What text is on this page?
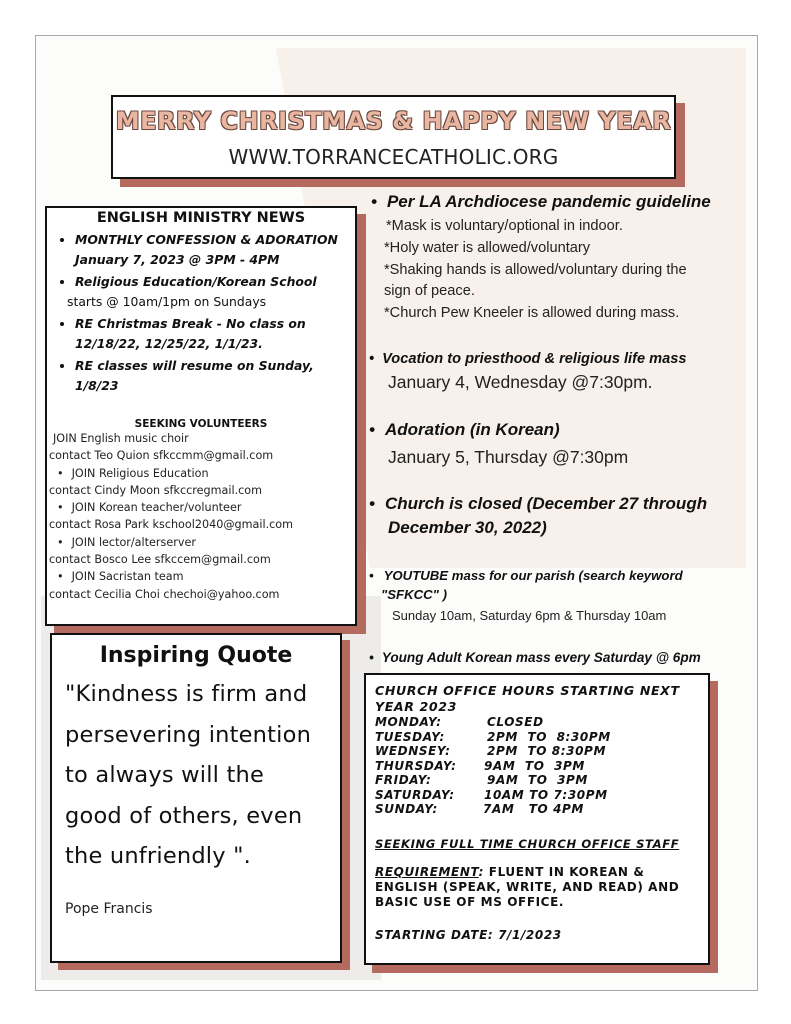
MERRY CHRISTMAS & HAPPY NEW YEAR
WWW.TORRANCECATHOLIC.ORG
ENGLISH MINISTRY NEWS
• MONTHLY CONFESSION & ADORATION
January 7, 2023 @ 3PM - 4PM
• Religious Education/Korean School
starts @ 10am/1pm on Sundays
• RE Christmas Break - No class on
12/18/22, 12/25/22, 1/1/23.
• RE classes will resume on Sunday,
1/8/23
SEEKING VOLUNTEERS
JOIN English music choir
contact Teo Quion sfkccmm@gmail.com
• JOIN Religious Education
contact Cindy Moon sfkccregmail.com
• JOIN Korean teacher/volunteer
contact Rosa Park kschool2040@gmail.com
• JOIN lector/alterserver
contact Bosco Lee sfkccem@gmail.com
• JOIN Sacristan team
contact Cecilia Choi chechoi@yahoo.com
Inspiring Quote
"Kindness is firm and
persevering intention
to always will the
good of others, even
the unfriendly ".
Pope Francis
• Per LA Archdiocese pandemic guideline
*Mask is voluntary/optional in indoor.
*Holy water is allowed/voluntary
*Shaking hands is allowed/voluntary during the
sign of peace.
*Church Pew Kneeler is allowed during mass.
• Vocation to priesthood & religious life mass
January 4, Wednesday @7:30pm.
• Adoration (in Korean)
January 5, Thursday @7:30pm
• Church is closed (December 27 through
December 30, 2022)
• YOUTUBE mass for our parish (search keyword
"SFKCC" )
Sunday 10am, Saturday 6pm & Thursday 10am
• Young Adult Korean mass every Saturday @ 6pm
CHURCH OFFICE HOURS STARTING NEXT
YEAR 2023
MONDAY:	CLOSED
TUESDAY:	2PM  TO  8:30PM
WEDNSEY:	2PM  TO 8:30PM
THURSDAY:	9AM  TO  3PM
FRIDAY:	9AM  TO  3PM
SATURDAY:	10AM TO 7:30PM
SUNDAY:	7AM   TO 4PM
SEEKING FULL TIME CHURCH OFFICE STAFF
REQUIREMENT: FLUENT IN KOREAN & ENGLISH (SPEAK, WRITE, AND READ) AND BASIC USE OF MS OFFICE.
STARTING DATE: 7/1/2023
